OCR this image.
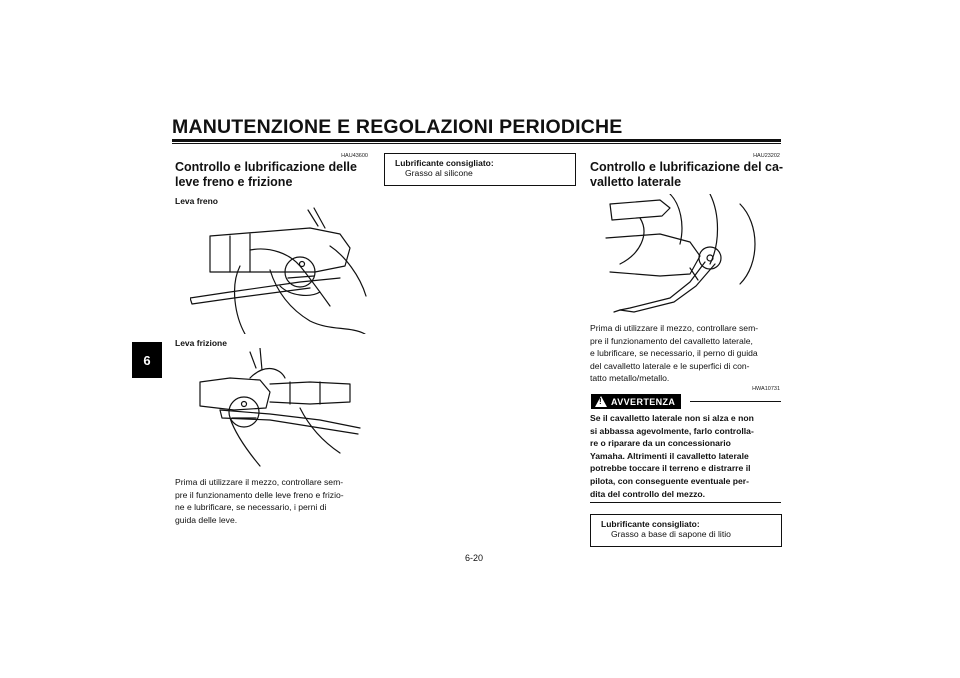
MANUTENZIONE E REGOLAZIONI PERIODICHE
6
HAU43600
Controllo e lubrificazione delle
leve freno e frizione
Leva freno
Leva frizione
Prima di utilizzare il mezzo, controllare sem-
pre il funzionamento delle leve freno e frizio-
ne e lubrificare, se necessario, i perni di
guida delle leve.
Lubrificante consigliato:
Grasso al silicone
HAU23202
Controllo e lubrificazione del ca-
valletto laterale
Prima di utilizzare il mezzo, controllare sem-
pre il funzionamento del cavalletto laterale,
e lubrificare, se necessario, il perno di guida
del cavalletto laterale e le superfici di con-
tatto metallo/metallo.
HWA10731
! AVVERTENZA
Se il cavalletto laterale non si alza e non
si abbassa agevolmente, farlo controlla-
re o riparare da un concessionario
Yamaha. Altrimenti il cavalletto laterale
potrebbe toccare il terreno e distrarre il
pilota, con conseguente eventuale per-
dita del controllo del mezzo.
Lubrificante consigliato:
Grasso a base di sapone di litio
6-20
